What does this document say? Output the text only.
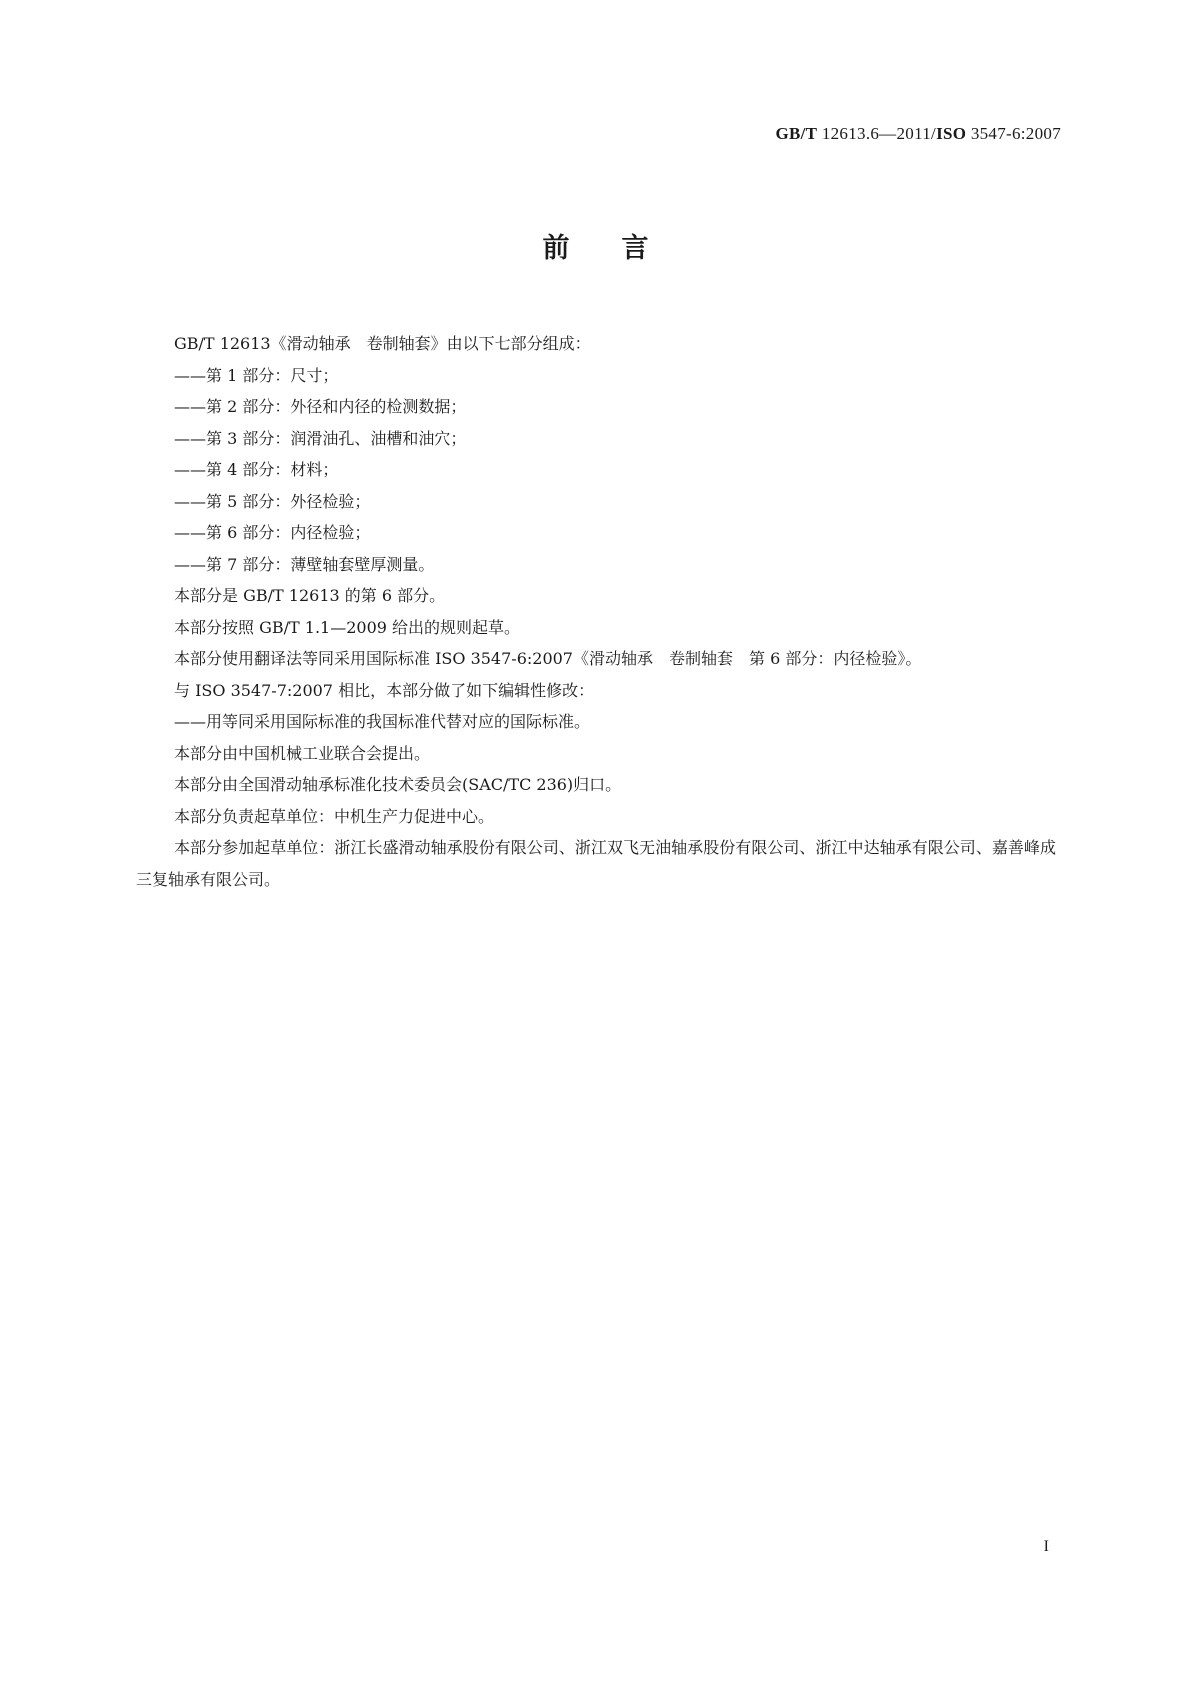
GB/T 12613.6—2011/ISO 3547-6:2007
前言

GB/T 12613《滑动轴承　卷制轴套》由以下七部分组成：

——第 1 部分：尺寸；

——第 2 部分：外径和内径的检测数据；

——第 3 部分：润滑油孔、油槽和油穴；

——第 4 部分：材料；

——第 5 部分：外径检验；

——第 6 部分：内径检验；

——第 7 部分：薄壁轴套壁厚测量。

本部分是 GB/T 12613 的第 6 部分。

本部分按照 GB/T 1.1—2009 给出的规则起草。

本部分使用翻译法等同采用国际标准 ISO 3547-6:2007《滑动轴承　卷制轴套　第 6 部分：内径检验》。

与 ISO 3547-7:2007 相比，本部分做了如下编辑性修改：

——用等同采用国际标准的我国标准代替对应的国际标准。

本部分由中国机械工业联合会提出。

本部分由全国滑动轴承标准化技术委员会(SAC/TC 236)归口。

本部分负责起草单位：中机生产力促进中心。

本部分参加起草单位：浙江长盛滑动轴承股份有限公司、浙江双飞无油轴承股份有限公司、浙江中达轴承有限公司、嘉善峰成三复轴承有限公司。

I
